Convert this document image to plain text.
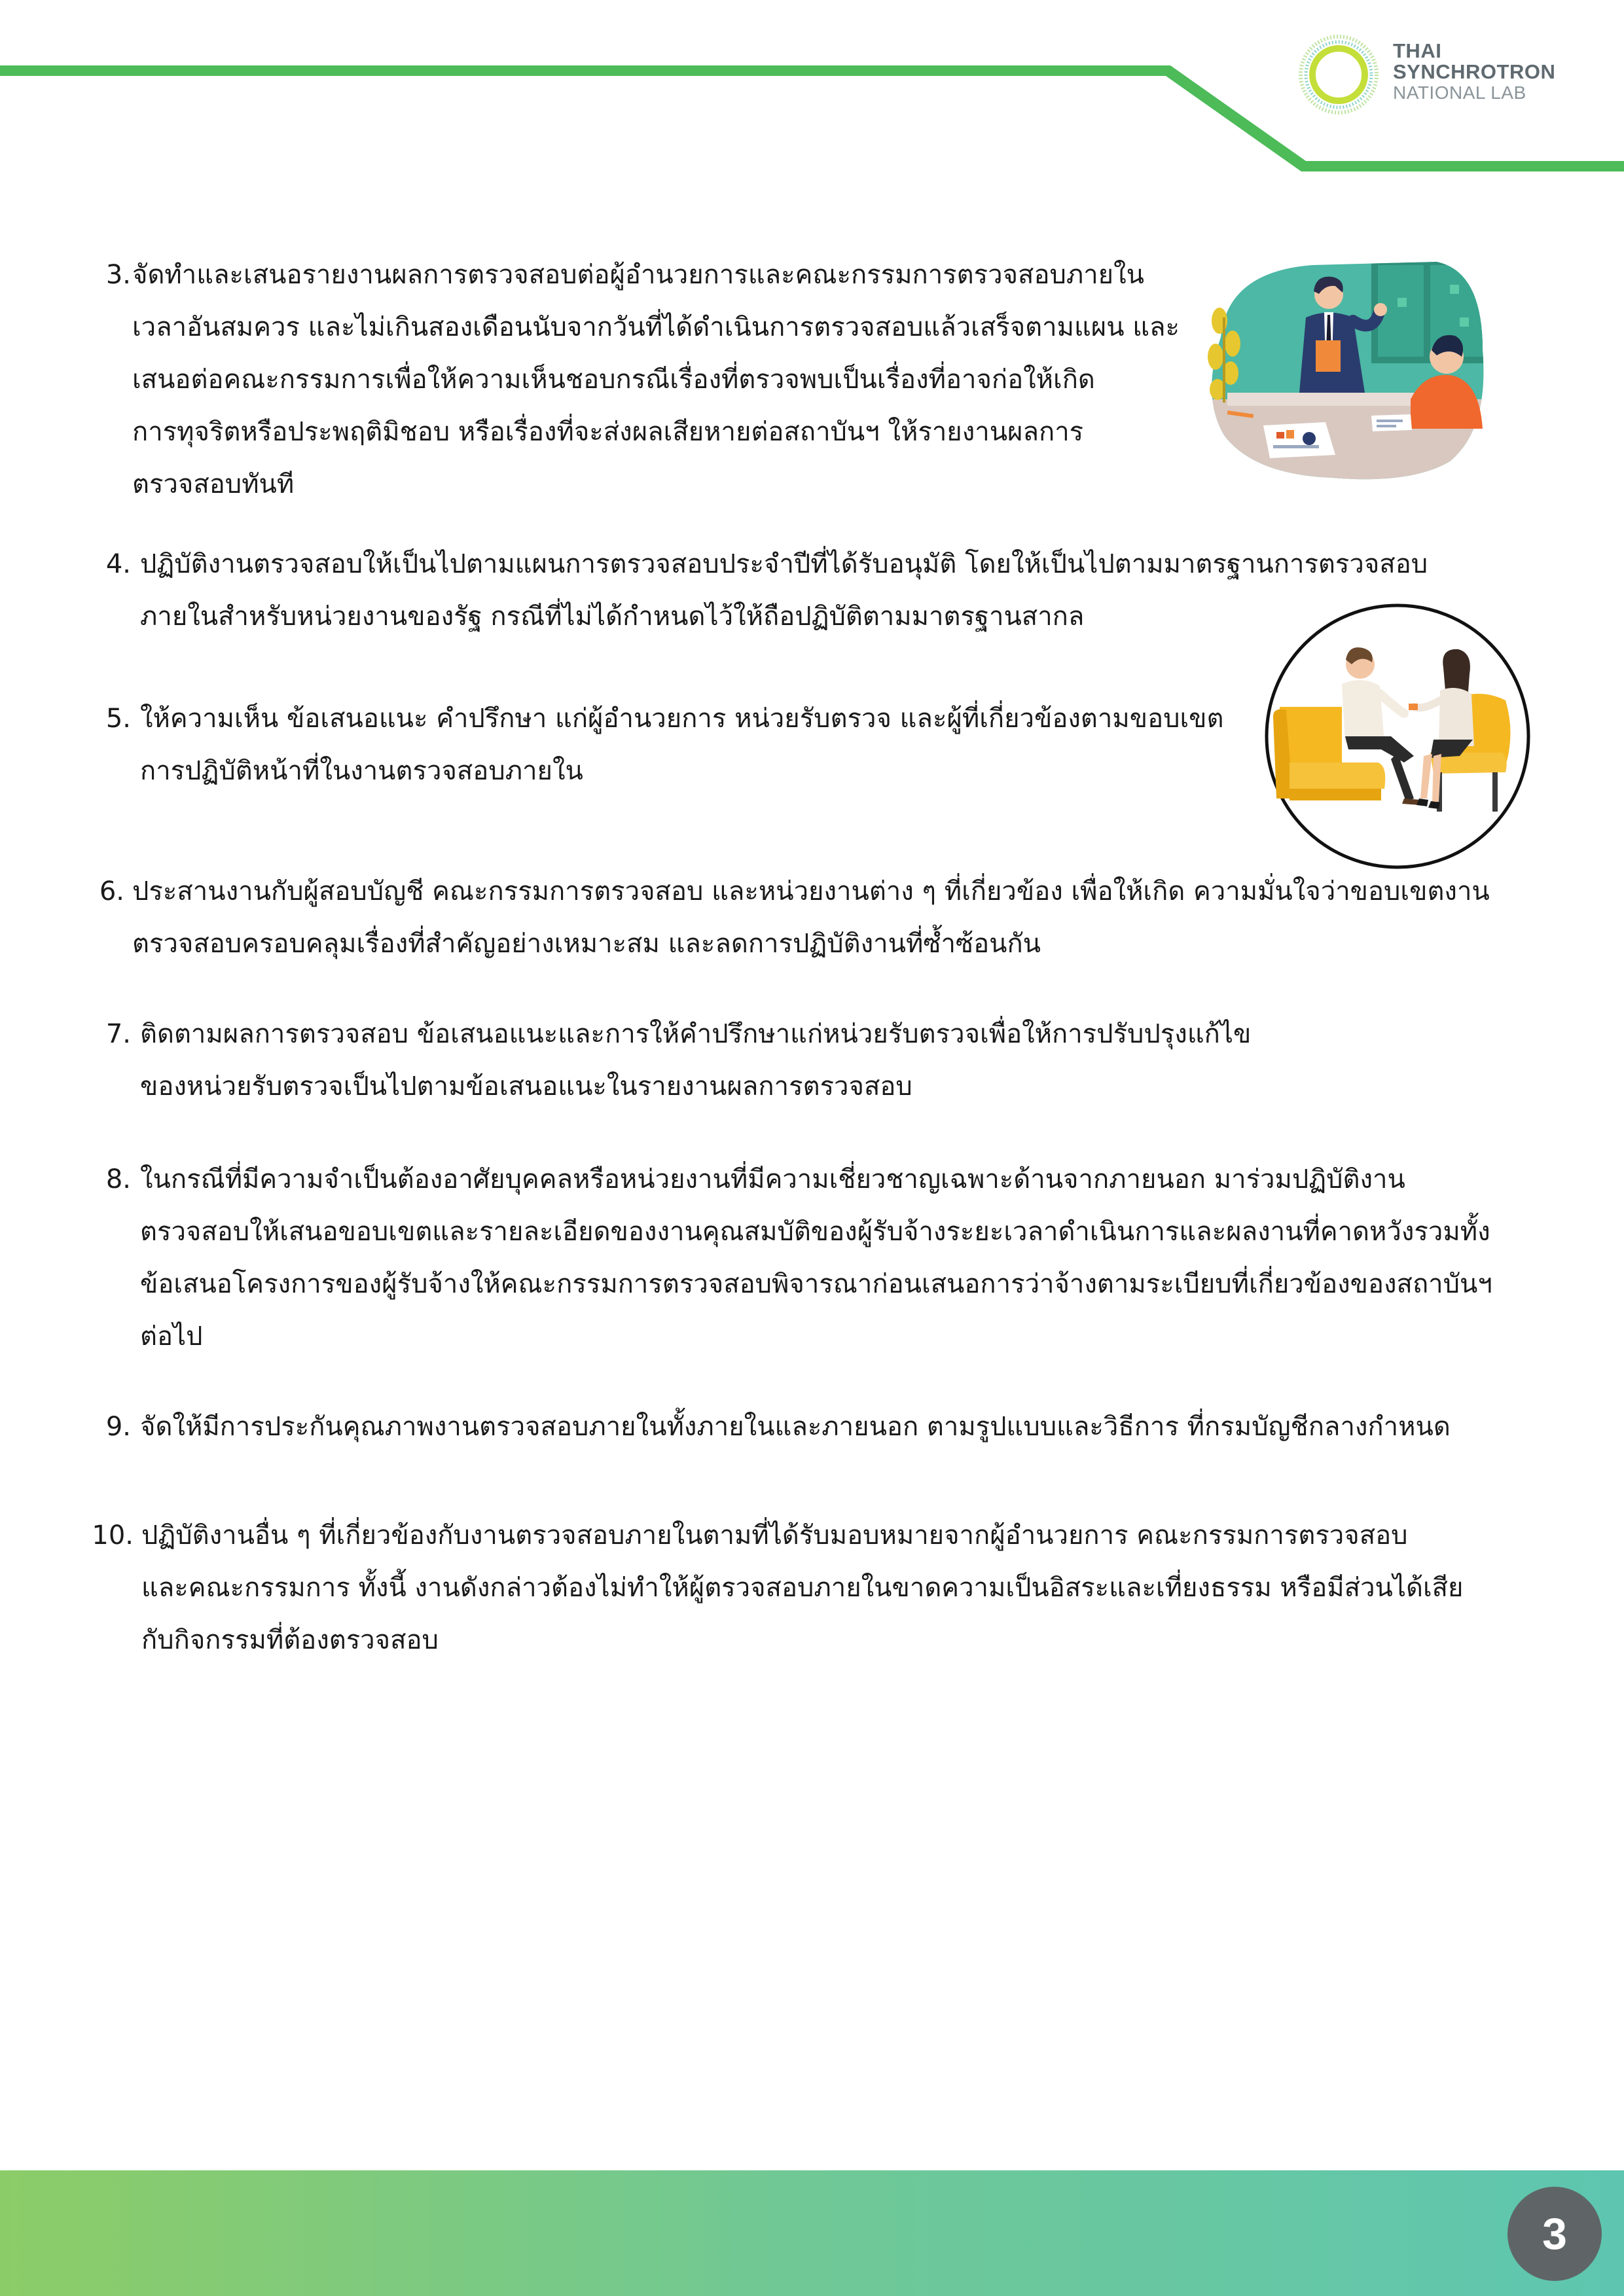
THAI
SYNCHROTRON
NATIONAL LAB
3. จัดทำและเสนอรายงานผลการตรวจสอบต่อผู้อำนวยการและคณะกรรมการตรวจสอบภายใน
เวลาอันสมควร และไม่เกินสองเดือนนับจากวันที่ได้ดำเนินการตรวจสอบแล้วเสร็จตามแผน และ
เสนอต่อคณะกรรมการเพื่อให้ความเห็นชอบกรณีเรื่องที่ตรวจพบเป็นเรื่องที่อาจก่อให้เกิด
การทุจริตหรือประพฤติมิชอบ หรือเรื่องที่จะส่งผลเสียหายต่อสถาบันฯ ให้รายงานผลการ
ตรวจสอบทันที
4. ปฏิบัติงานตรวจสอบให้เป็นไปตามแผนการตรวจสอบประจำปีที่ได้รับอนุมัติ โดยให้เป็นไปตามมาตรฐานการตรวจสอบ
ภายในสำหรับหน่วยงานของรัฐ กรณีที่ไม่ได้กำหนดไว้ให้ถือปฏิบัติตามมาตรฐานสากล
5. ให้ความเห็น ข้อเสนอแนะ คำปรึกษา แก่ผู้อำนวยการ หน่วยรับตรวจ และผู้ที่เกี่ยวข้องตามขอบเขต
การปฏิบัติหน้าที่ในงานตรวจสอบภายใน
6. ประสานงานกับผู้สอบบัญชี คณะกรรมการตรวจสอบ และหน่วยงานต่าง ๆ ที่เกี่ยวข้อง เพื่อให้เกิด ความมั่นใจว่าขอบเขตงาน
ตรวจสอบครอบคลุมเรื่องที่สำคัญอย่างเหมาะสม และลดการปฏิบัติงานที่ซ้ำซ้อนกัน
7. ติดตามผลการตรวจสอบ ข้อเสนอแนะและการให้คำปรึกษาแก่หน่วยรับตรวจเพื่อให้การปรับปรุงแก้ไข
ของหน่วยรับตรวจเป็นไปตามข้อเสนอแนะในรายงานผลการตรวจสอบ
8. ในกรณีที่มีความจำเป็นต้องอาศัยบุคคลหรือหน่วยงานที่มีความเชี่ยวชาญเฉพาะด้านจากภายนอก มาร่วมปฏิบัติงาน
ตรวจสอบให้เสนอขอบเขตและรายละเอียดของงานคุณสมบัติของผู้รับจ้างระยะเวลาดำเนินการและผลงานที่คาดหวังรวมทั้ง
ข้อเสนอโครงการของผู้รับจ้างให้คณะกรรมการตรวจสอบพิจารณาก่อนเสนอการว่าจ้างตามระเบียบที่เกี่ยวข้องของสถาบันฯ
ต่อไป
9. จัดให้มีการประกันคุณภาพงานตรวจสอบภายในทั้งภายในและภายนอก ตามรูปแบบและวิธีการ ที่กรมบัญชีกลางกำหนด
10. ปฏิบัติงานอื่น ๆ ที่เกี่ยวข้องกับงานตรวจสอบภายในตามที่ได้รับมอบหมายจากผู้อำนวยการ คณะกรรมการตรวจสอบ
และคณะกรรมการ ทั้งนี้ งานดังกล่าวต้องไม่ทำให้ผู้ตรวจสอบภายในขาดความเป็นอิสระและเที่ยงธรรม หรือมีส่วนได้เสีย
กับกิจกรรมที่ต้องตรวจสอบ
3
